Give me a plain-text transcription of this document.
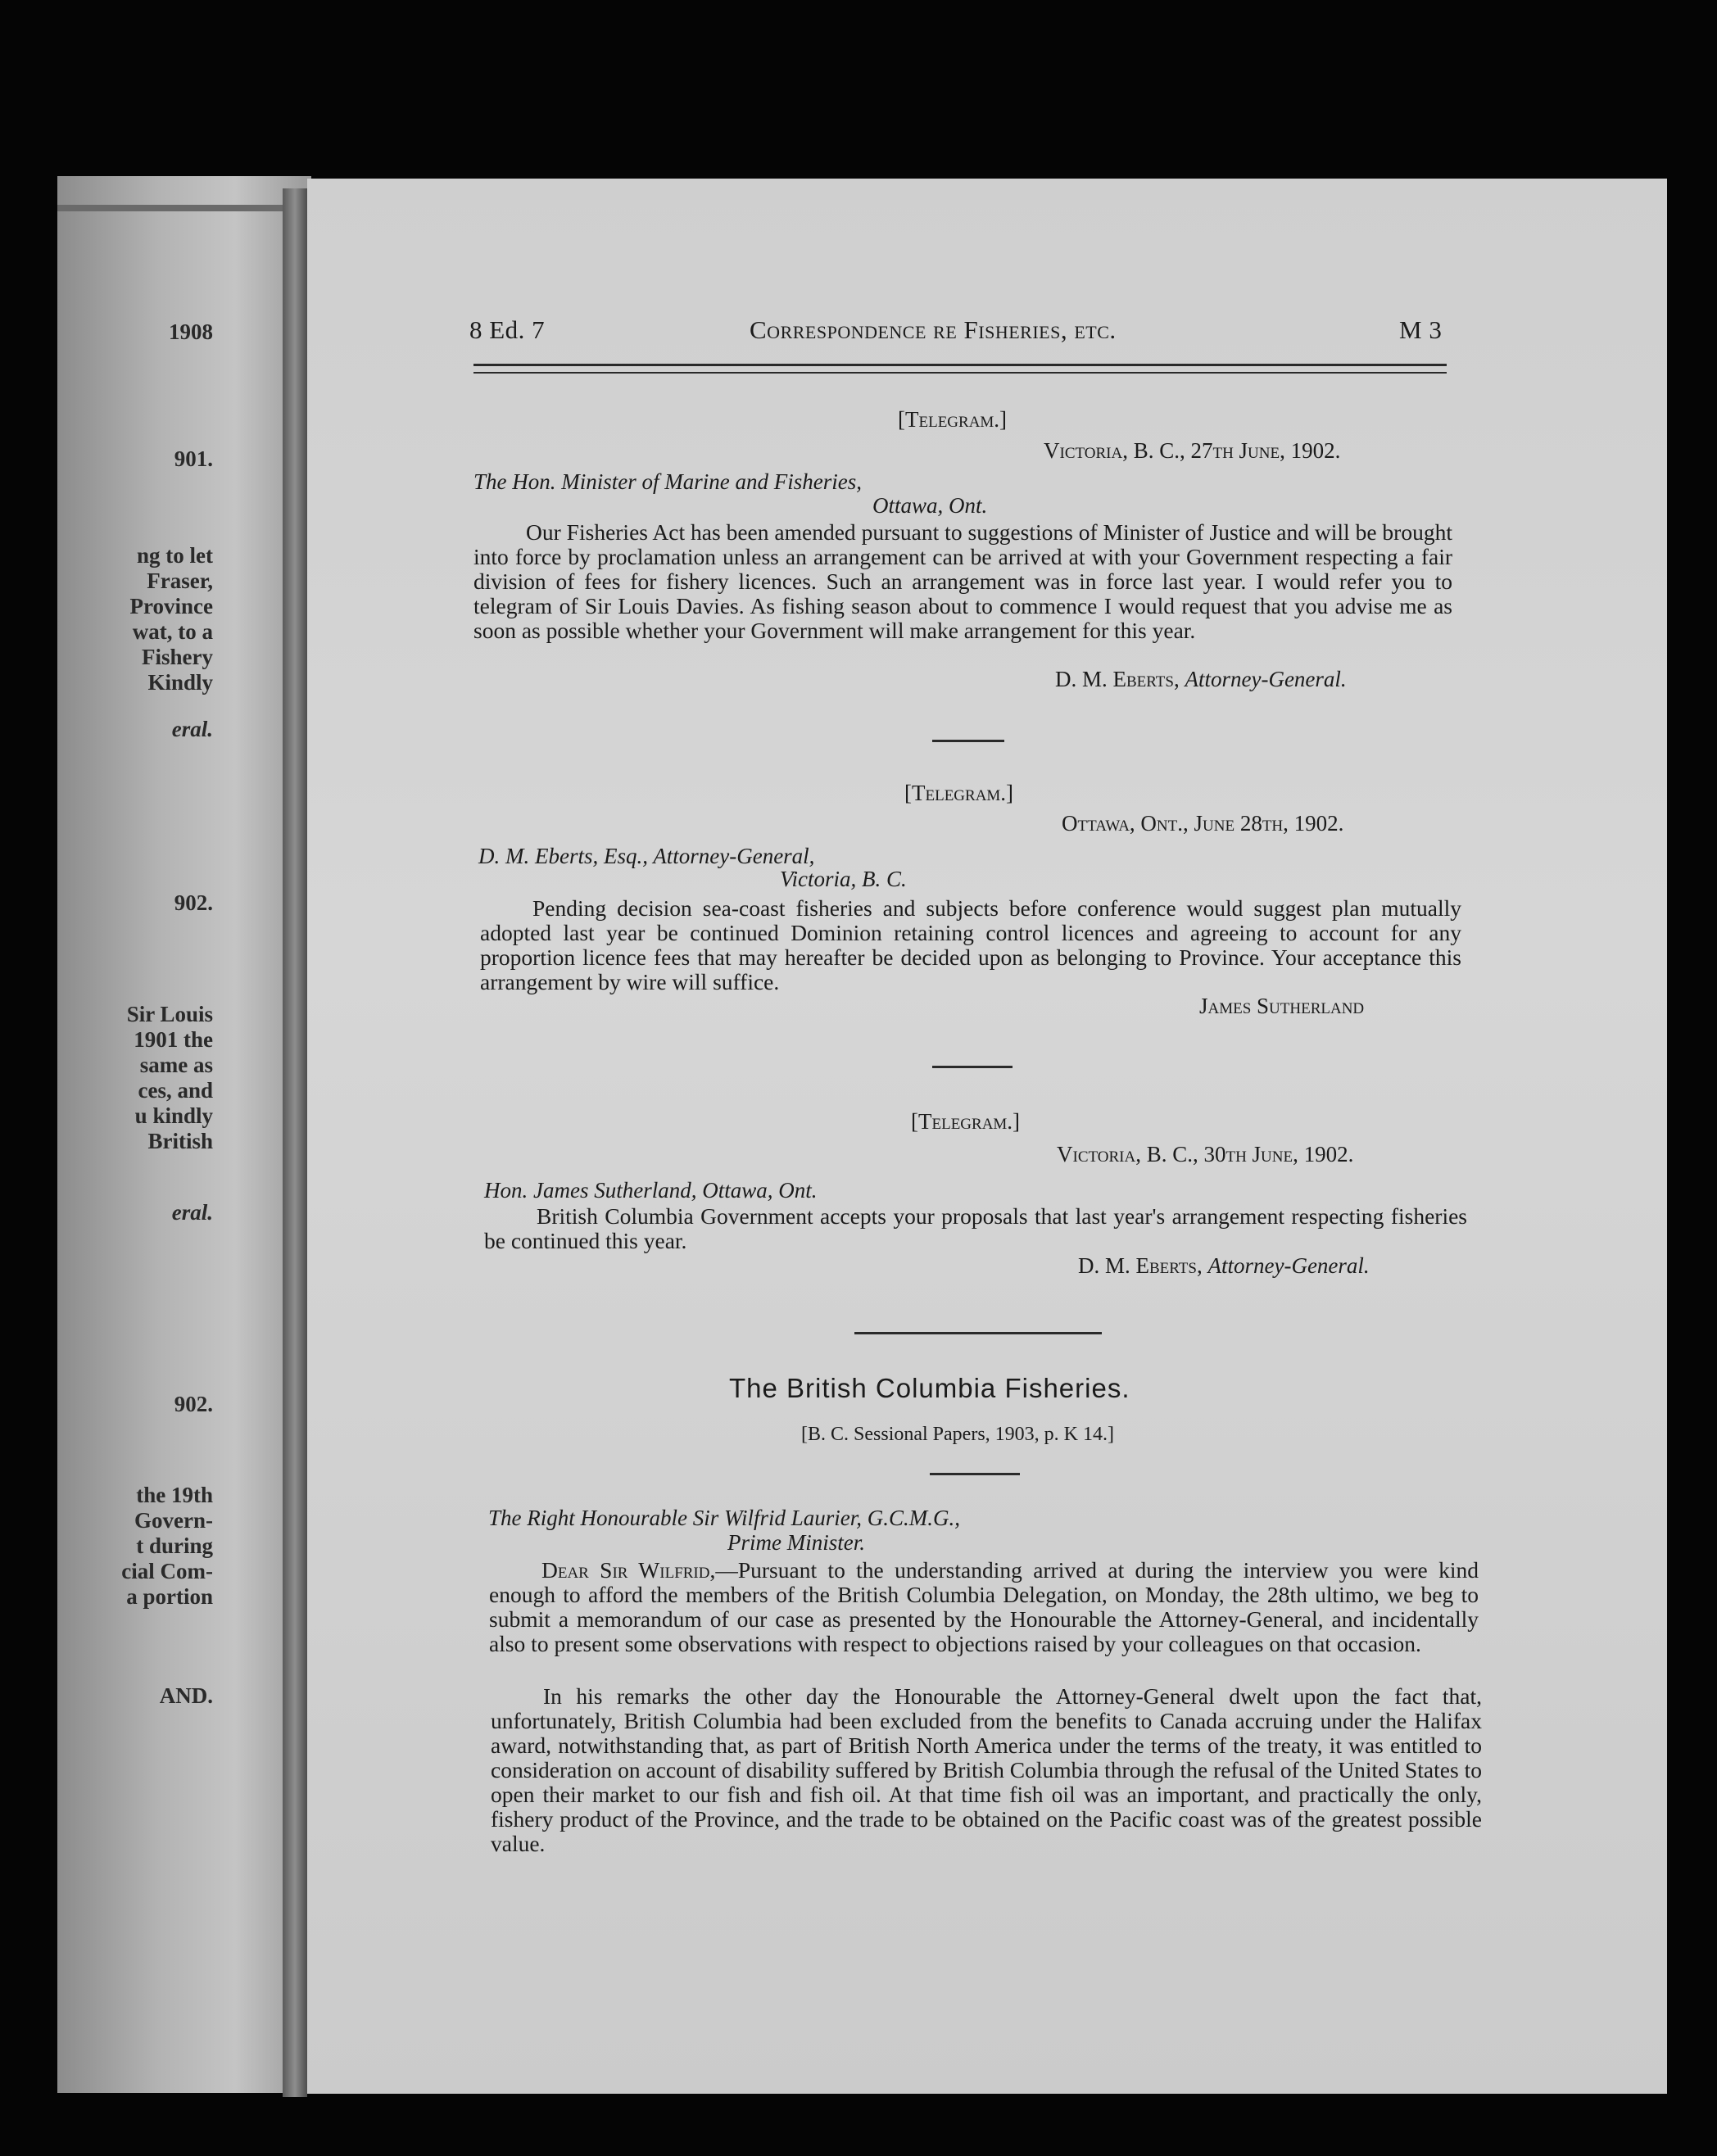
1908
901.
ng to let
Fraser,
Province
wat, to a
Fishery
Kindly
eral.
902.
Sir Louis
1901 the
same as
ces, and
u kindly
British
eral.
902.
the 19th
Govern-
t during
cial Com-
a portion
AND.
8 Ed. 7	Correspondence re Fisheries, etc.	M 3
[Telegram.]
Victoria, B. C., 27th June, 1902.
The Hon. Minister of Marine and Fisheries,
Ottawa, Ont.
Our Fisheries Act has been amended pursuant to suggestions of Minister of Justice and will be brought into force by proclamation unless an arrangement can be arrived at with your Government respecting a fair division of fees for fishery licences. Such an arrangement was in force last year. I would refer you to telegram of Sir Louis Davies. As fishing season about to commence I would request that you advise me as soon as possible whether your Government will make arrangement for this year.
D. M. Eberts, Attorney-General.
[Telegram.]
Ottawa, Ont., June 28th, 1902.
D. M. Eberts, Esq., Attorney-General,
Victoria, B. C.
Pending decision sea-coast fisheries and subjects before conference would suggest plan mutually adopted last year be continued Dominion retaining control licences and agreeing to account for any proportion licence fees that may hereafter be decided upon as belonging to Province. Your acceptance this arrangement by wire will suffice.
James Sutherland
[Telegram.]
Victoria, B. C., 30th June, 1902.
Hon. James Sutherland, Ottawa, Ont.
British Columbia Government accepts your proposals that last year's arrangement respecting fisheries be continued this year.
D. M. Eberts, Attorney-General.
The British Columbia Fisheries.
[B. C. Sessional Papers, 1903, p. K 14.]
The Right Honourable Sir Wilfrid Laurier, G.C.M.G.,
Prime Minister.
Dear Sir Wilfrid,—Pursuant to the understanding arrived at during the interview you were kind enough to afford the members of the British Columbia Delegation, on Monday, the 28th ultimo, we beg to submit a memorandum of our case as presented by the Honourable the Attorney-General, and incidentally also to present some observations with respect to objections raised by your colleagues on that occasion.
In his remarks the other day the Honourable the Attorney-General dwelt upon the fact that, unfortunately, British Columbia had been excluded from the benefits to Canada accruing under the Halifax award, notwithstanding that, as part of British North America under the terms of the treaty, it was entitled to consideration on account of disability suffered by British Columbia through the refusal of the United States to open their market to our fish and fish oil. At that time fish oil was an important, and practically the only, fishery product of the Province, and the trade to be obtained on the Pacific coast was of the greatest possible value.
